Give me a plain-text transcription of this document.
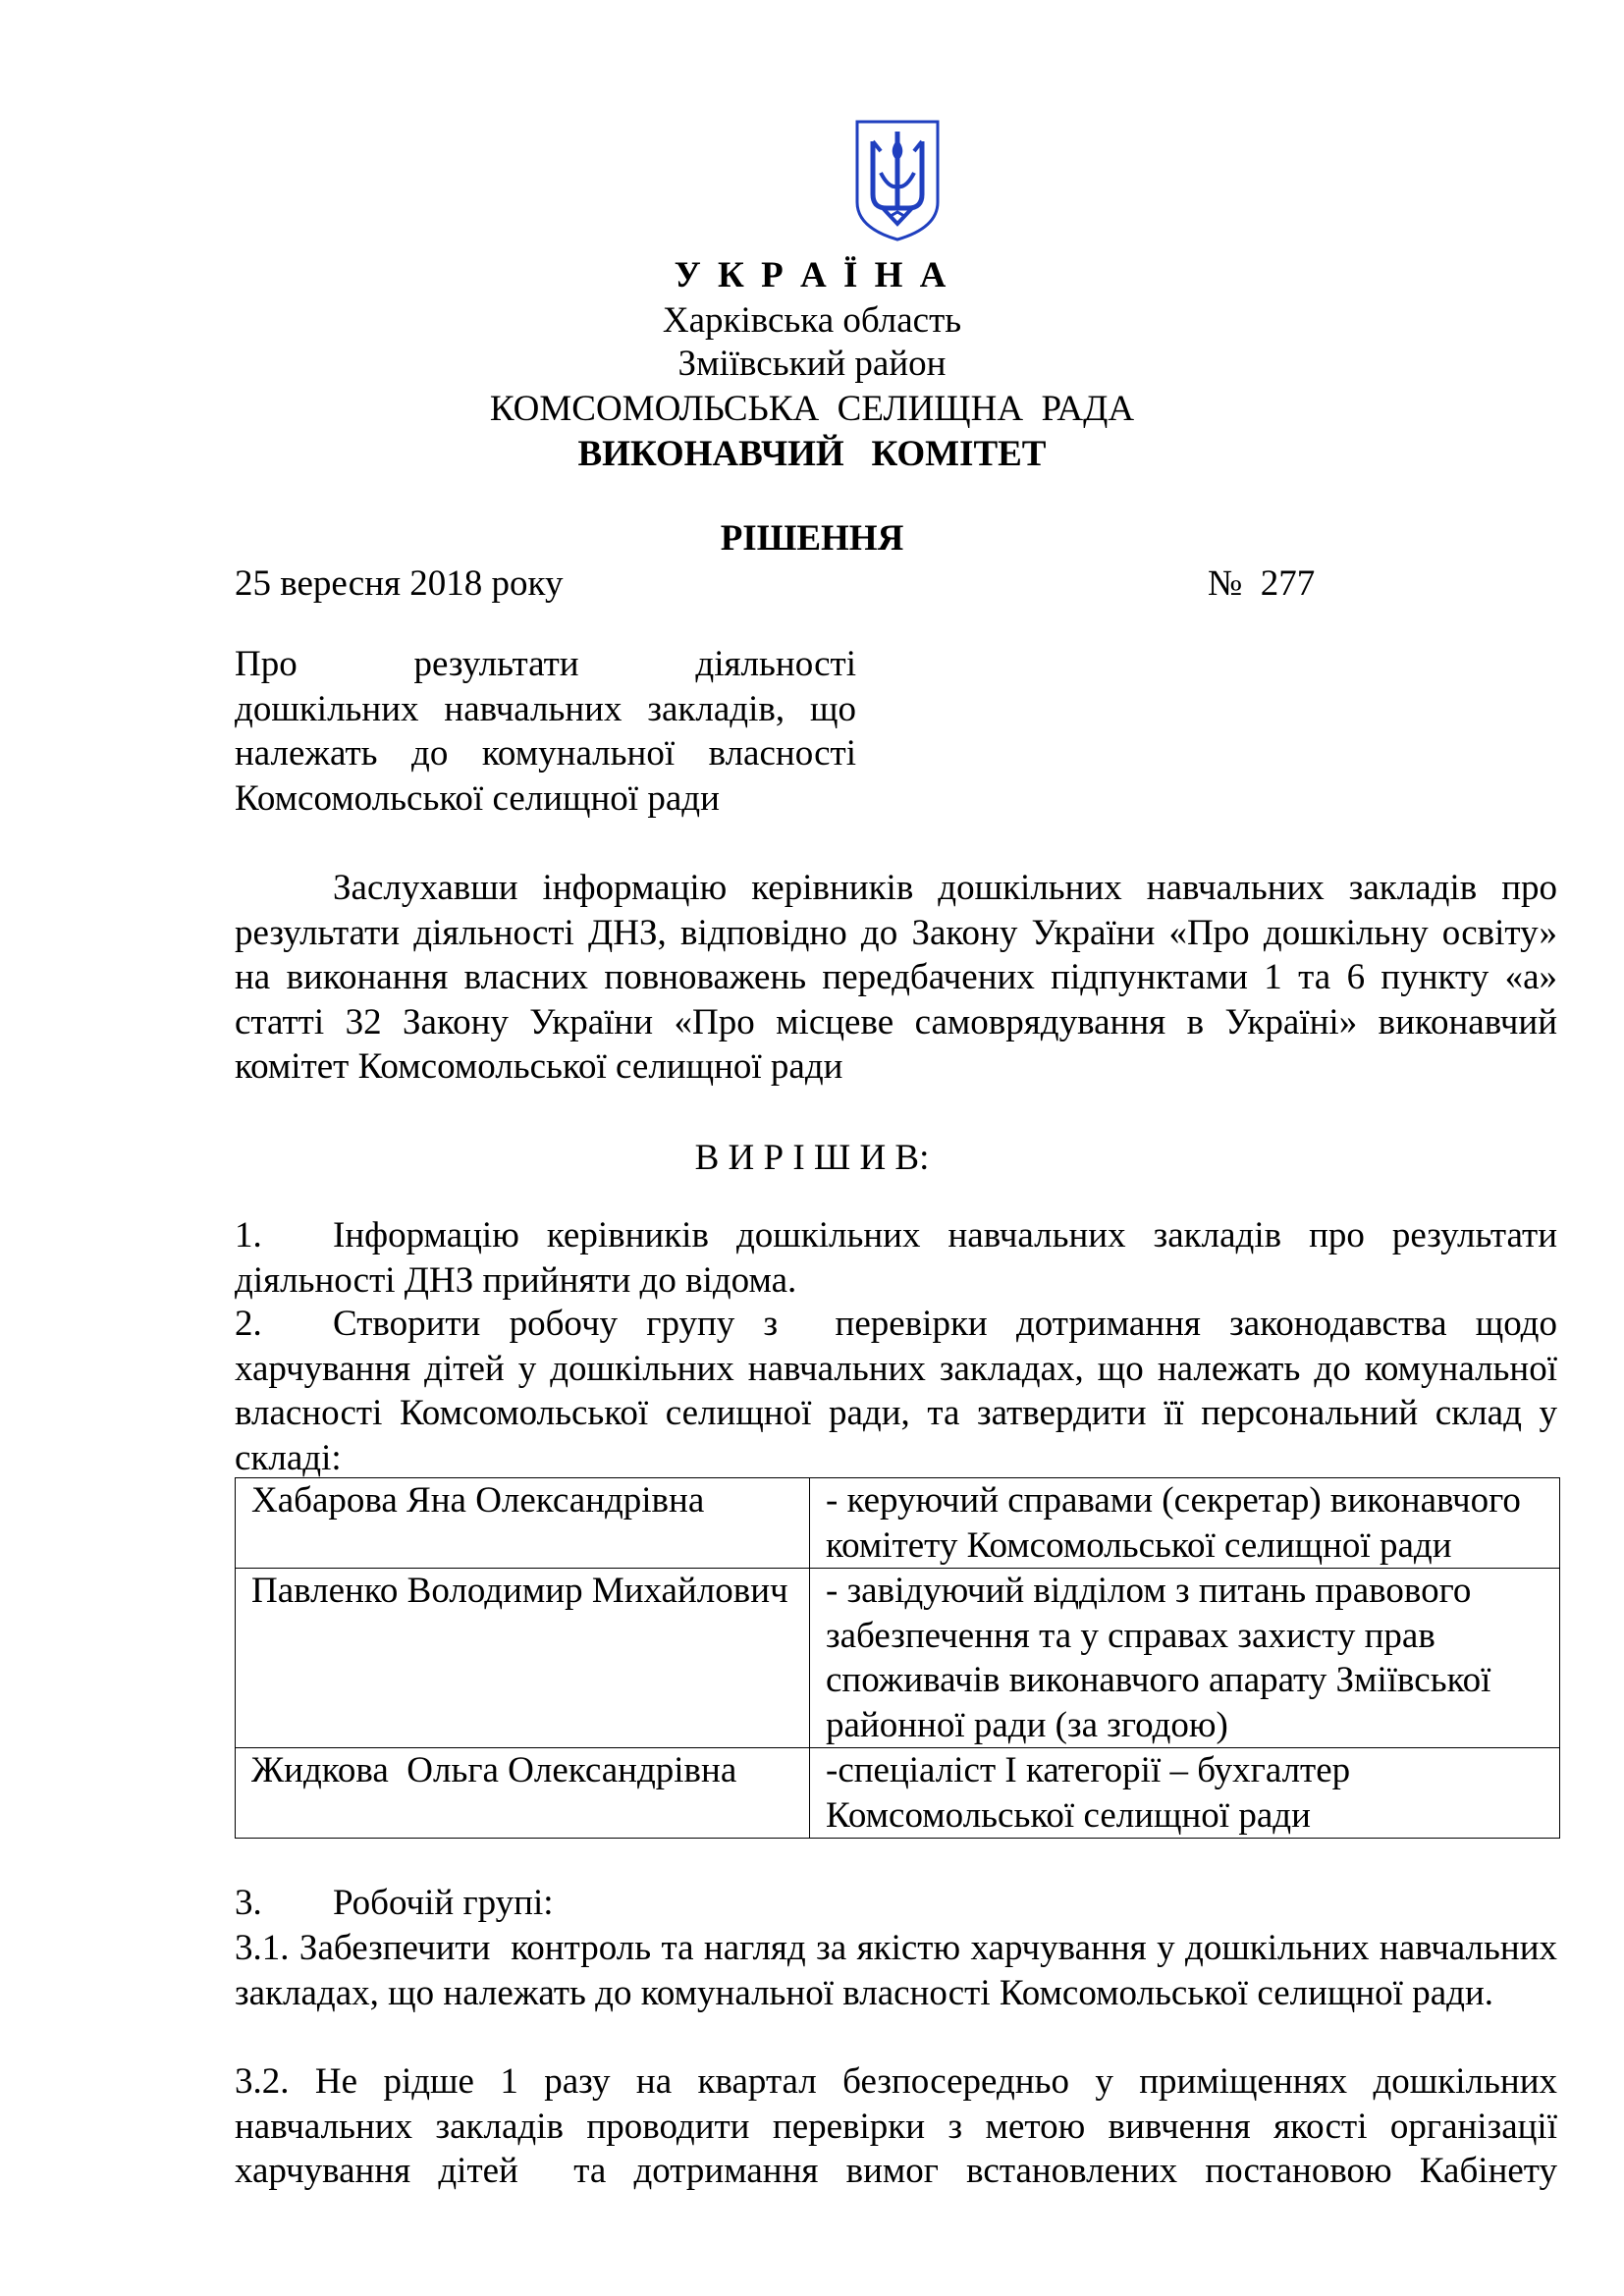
У К Р А Ї Н А
Харківська область
Зміївський район
КОМСОМОЛЬСЬКА  СЕЛИЩНА  РАДА
ВИКОНАВЧИЙ   КОМІТЕТ
РІШЕННЯ
25 вересня 2018 року	№  277
Про результати діяльності
дошкільних навчальних закладів, що
належать до комунальної власності
Комсомольської селищної ради
Заслухавши інформацію керівників дошкільних навчальних закладів про результати діяльності ДНЗ, відповідно до Закону України «Про дошкільну освіту» на виконання власних повноважень передбачених підпунктами 1 та 6 пункту «а» статті 32 Закону України «Про місцеве самоврядування в Україні» виконавчий комітет Комсомольської селищної ради
В И Р І Ш И В:
1. Інформацію керівників дошкільних навчальних закладів про результати діяльності ДНЗ прийняти до відома.
2. Створити робочу групу з  перевірки дотримання законодавства щодо харчування дітей у дошкільних навчальних закладах, що належать до комунальної власності Комсомольської селищної ради, та затвердити її персональний склад у складі:
Хабарова Яна Олександрівна	- керуючий справами (секретар) виконавчого комітету Комсомольської селищної ради
Павленко Володимир Михайлович	- завідуючий відділом з питань правового забезпечення та у справах захисту прав споживачів виконавчого апарату Зміївської районної ради (за згодою)
Жидкова  Ольга Олександрівна	-спеціаліст І категорії – бухгалтер Комсомольської селищної ради
3. Робочій групі:
3.1. Забезпечити  контроль та нагляд за якістю харчування у дошкільних навчальних закладах, що належать до комунальної власності Комсомольської селищної ради.
3.2. Не рідше 1 разу на квартал безпосередньо у приміщеннях дошкільних навчальних закладів проводити перевірки з метою вивчення якості організації харчування дітей  та дотримання вимог встановлених постановою Кабінету
